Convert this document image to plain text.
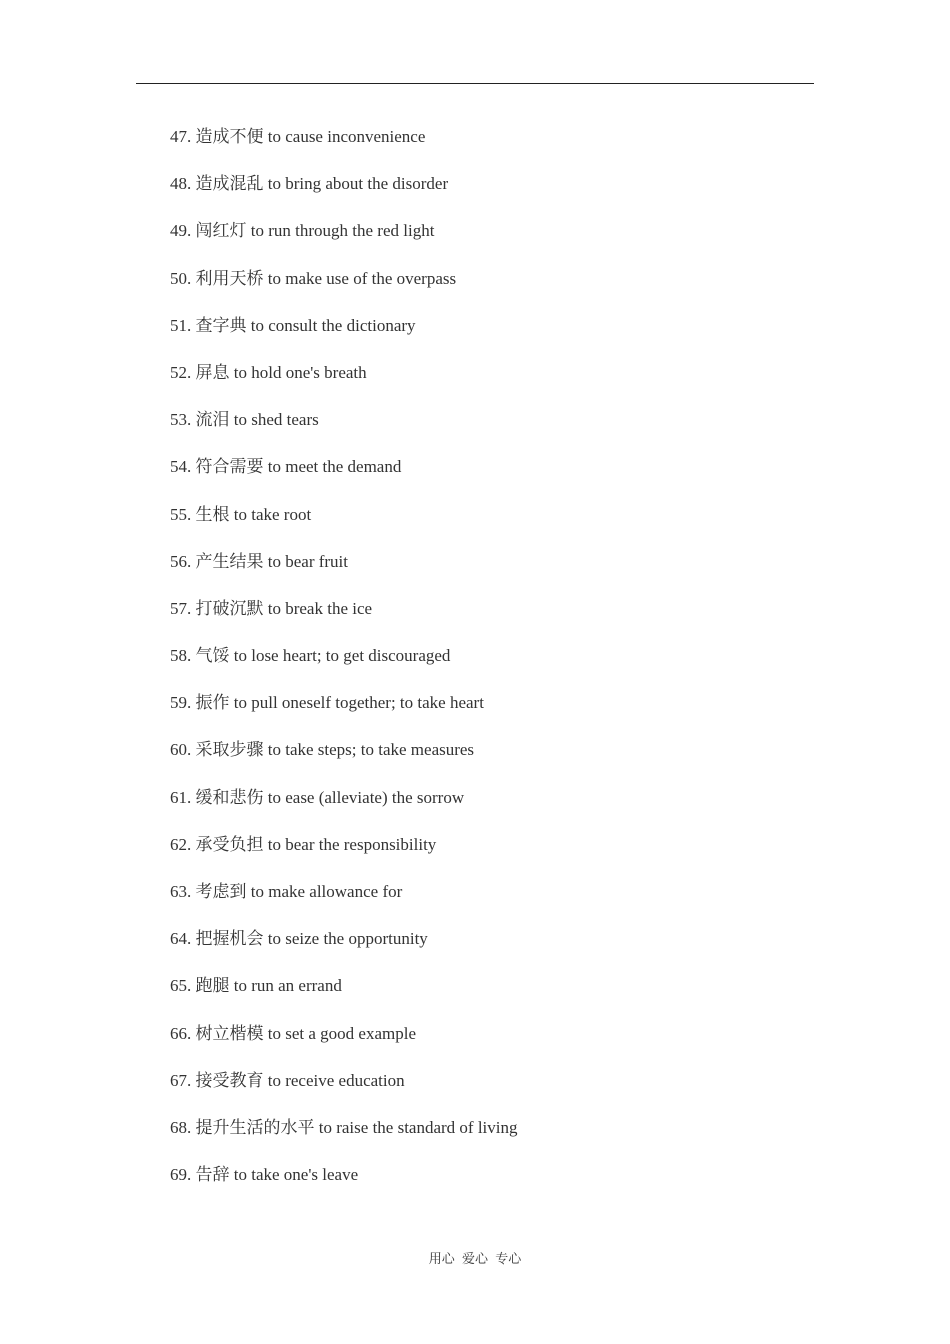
47. 造成不便 to cause inconvenience
48. 造成混乱 to bring about the disorder
49. 闯红灯 to run through the red light
50. 利用天桥 to make use of the overpass
51. 查字典 to consult the dictionary
52. 屏息 to hold one's breath
53. 流泪 to shed tears
54. 符合需要 to meet the demand
55. 生根 to take root
56. 产生结果 to bear fruit
57. 打破沉默 to break the ice
58. 气馁 to lose heart; to get discouraged
59. 振作 to pull oneself together; to take heart
60. 采取步骤 to take steps; to take measures
61. 缓和悲伤 to ease (alleviate) the sorrow
62. 承受负担 to bear the responsibility
63. 考虑到 to make allowance for
64. 把握机会 to seize the opportunity
65. 跑腿 to run an errand
66. 树立楷模 to set a good example
67. 接受教育 to receive education
68. 提升生活的水平 to raise the standard of living
69. 告辞 to take one's leave
用心 爱心 专心
